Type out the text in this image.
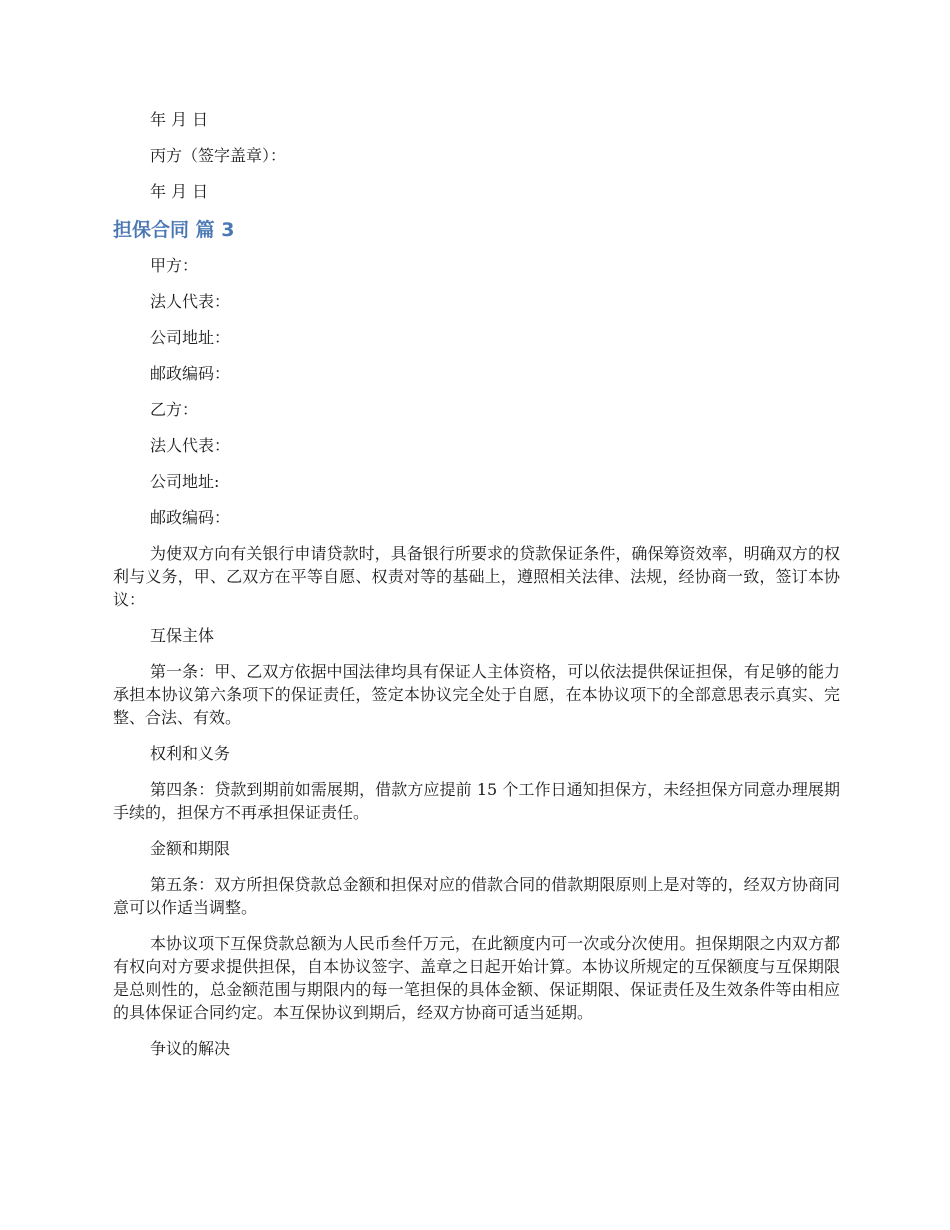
年 月 日
丙方（签字盖章）：
年 月 日
担保合同 篇 3
甲方：
法人代表：
公司地址：
邮政编码：
乙方：
法人代表：
公司地址:
邮政编码：
为使双方向有关银行申请贷款时，具备银行所要求的贷款保证条件，确保筹资效率，明确双方的权利与义务，甲、乙双方在平等自愿、权责对等的基础上，遵照相关法律、法规，经协商一致，签订本协议：
互保主体
第一条：甲、乙双方依据中国法律均具有保证人主体资格，可以依法提供保证担保，有足够的能力承担本协议第六条项下的保证责任，签定本协议完全处于自愿，在本协议项下的全部意思表示真实、完整、合法、有效。
权利和义务
第四条：贷款到期前如需展期，借款方应提前 15 个工作日通知担保方，未经担保方同意办理展期手续的，担保方不再承担保证责任。
金额和期限
第五条：双方所担保贷款总金额和担保对应的借款合同的借款期限原则上是对等的，经双方协商同意可以作适当调整。
本协议项下互保贷款总额为人民币叁仟万元，在此额度内可一次或分次使用。担保期限之内双方都有权向对方要求提供担保，自本协议签字、盖章之日起开始计算。本协议所规定的互保额度与互保期限是总则性的，总金额范围与期限内的每一笔担保的具体金额、保证期限、保证责任及生效条件等由相应的具体保证合同约定。本互保协议到期后，经双方协商可适当延期。
争议的解决
